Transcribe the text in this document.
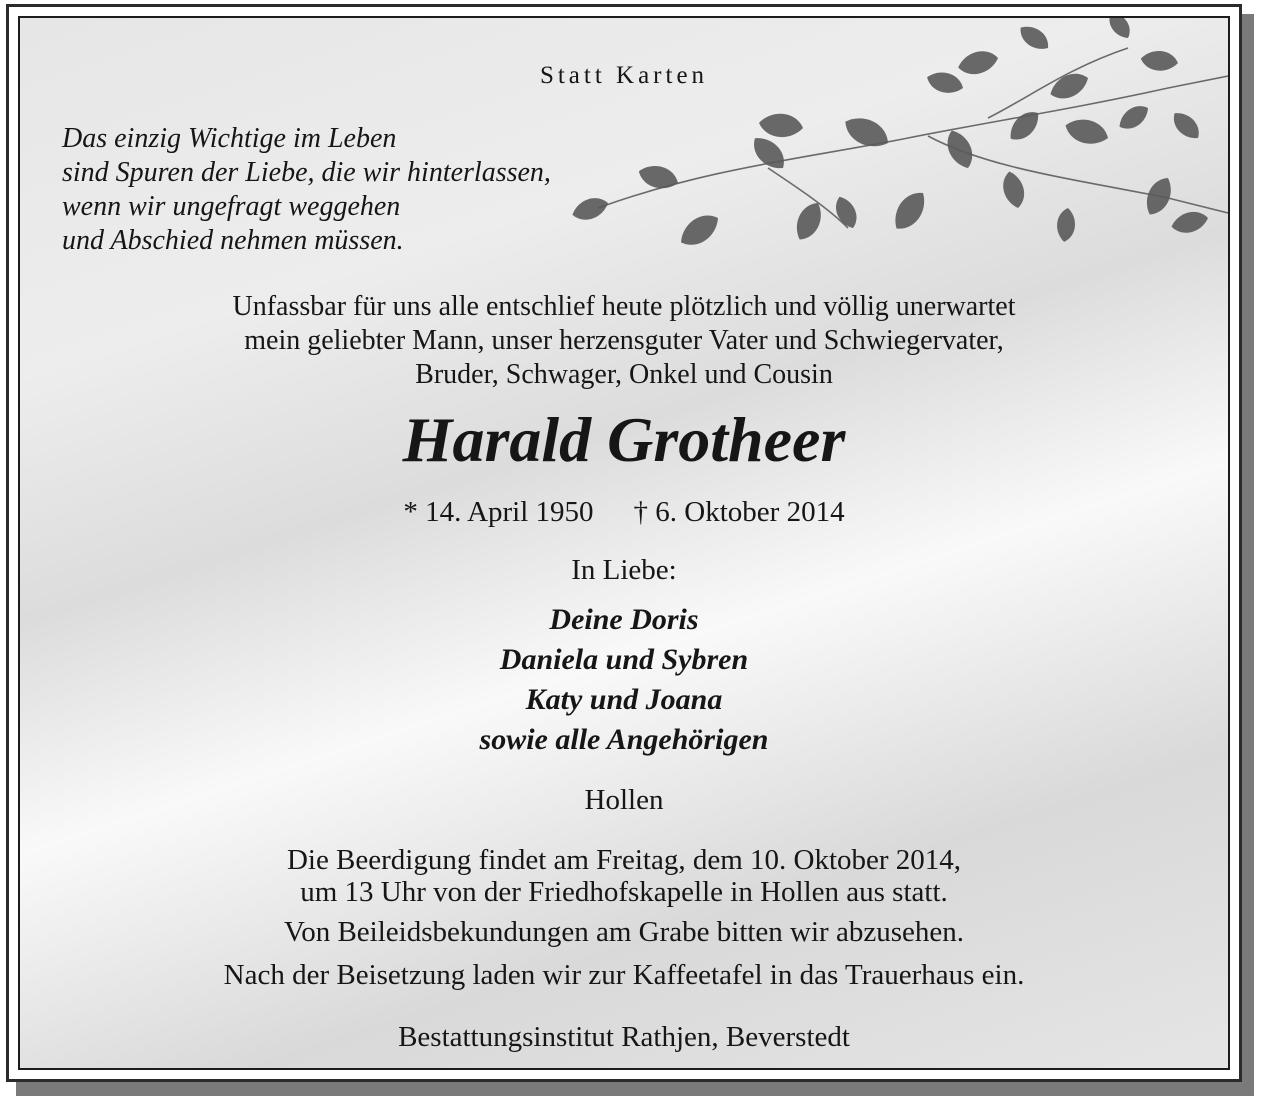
Statt Karten
Das einzig Wichtige im Leben
sind Spuren der Liebe, die wir hinterlassen,
wenn wir ungefragt weggehen
und Abschied nehmen müssen.
Unfassbar für uns alle entschlief heute plötzlich und völlig unerwartet
mein geliebter Mann, unser herzensguter Vater und Schwiegervater,
Bruder, Schwager, Onkel und Cousin
Harald Grotheer
* 14. April 1950 † 6. Oktober 2014
In Liebe:
Deine Doris
Daniela und Sybren
Katy und Joana
sowie alle Angehörigen
Hollen
Die Beerdigung findet am Freitag, dem 10. Oktober 2014,
um 13 Uhr von der Friedhofskapelle in Hollen aus statt.
Von Beileidsbekundungen am Grabe bitten wir abzusehen.
Nach der Beisetzung laden wir zur Kaffeetafel in das Trauerhaus ein.
Bestattungsinstitut Rathjen, Beverstedt
